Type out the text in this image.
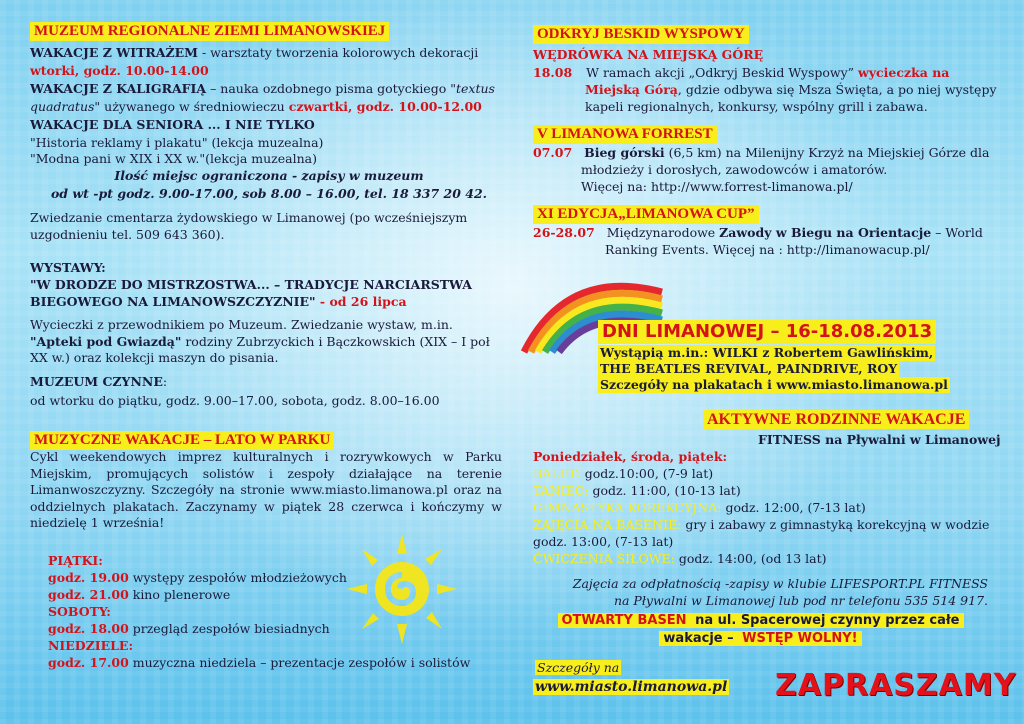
MUZEUM REGIONALNE ZIEMI LIMANOWSKIEJ
WAKACJE Z WITRAŻEM - warsztaty tworzenia kolorowych dekoracji
wtorki, godz. 10.00-14.00
WAKACJE Z KALIGRAFIĄ – nauka ozdobnego pisma gotyckiego "textus
quadratus" używanego w średniowieczu czwartki, godz. 10.00-12.00
WAKACJE DLA SENIORA ... I NIE TYLKO
"Historia reklamy i plakatu" (lekcja muzealna)
"Modna pani w XIX i XX w."(lekcja muzealna)
Ilość miejsc ograniczona - zapisy w muzeum
od wt -pt godz. 9.00-17.00, sob 8.00 – 16.00, tel. 18 337 20 42.
Zwiedzanie cmentarza żydowskiego w Limanowej (po wcześniejszym uzgodnieniu tel. 509 643 360).
WYSTAWY:
"W DRODZE DO MISTRZOSTWA... – TRADYCJE NARCIARSTWA
BIEGOWEGO NA LIMANOWSZCZYZNIE" - od 26 lipca
Wycieczki z przewodnikiem po Muzeum. Zwiedzanie wystaw, m.in. "Apteki pod Gwiazdą" rodziny Zubrzyckich i Bączkowskich (XIX – I poł XX w.) oraz kolekcji maszyn do pisania.
MUZEUM CZYNNE:
od wtorku do piątku, godz. 9.00–17.00, sobota, godz. 8.00–16.00
MUZYCZNE WAKACJE – LATO W PARKU
Cykl weekendowych imprez kulturalnych i rozrywkowych w Parku Miejskim, promujących solistów i zespoły działające na terenie Limanwoszczyzny. Szczegóły na stronie www.miasto.limanowa.pl oraz na oddzielnych plakatach. Zaczynamy w piątek 28 czerwca i kończymy w niedzielę 1 września!
PIĄTKI:
godz. 19.00 występy zespołów młodzieżowych
godz. 21.00 kino plenerowe
SOBOTY:
godz. 18.00 przegląd zespołów biesiadnych
NIEDZIELE:
godz. 17.00 muzyczna niedziela – prezentacje zespołów i solistów
ODKRYJ BESKID WYSPOWY
WĘDRÓWKA NA MIEJSKĄ GÓRĘ
18.08 W ramach akcji „Odkryj Beskid Wyspowy” wycieczka na
Miejską Górą, gdzie odbywa się Msza Święta, a po niej występy
kapeli regionalnych, konkursy, wspólny grill i zabawa.
V LIMANOWA FORREST
07.07 Bieg górski (6,5 km) na Milenijny Krzyż na Miejskiej Górze dla
młodzieży i dorosłych, zawodowców i amatorów.
Więcej na: http://www.forrest-limanowa.pl/
XI EDYCJA„LIMANOWA CUP”
26-28.07 Międzynarodowe Zawody w Biegu na Orientacje – World
Ranking Events. Więcej na : http://limanowacup.pl/
DNI LIMANOWEJ – 16-18.08.2013
Wystąpią m.in.: WILKI z Robertem Gawlińskim,
THE BEATLES REVIVAL, PAINDRIVE, ROY
Szczegóły na plakatach i www.miasto.limanowa.pl
AKTYWNE RODZINNE WAKACJE
FITNESS na Pływalni w Limanowej
Poniedziałek, środa, piątek:
BALET: godz.10:00, (7-9 lat)
TANIEC: godz. 11:00, (10-13 lat)
GIMNASTYKA KOREKCYJNA: godz. 12:00, (7-13 lat)
ZAJĘCIA NA BASENIE: gry i zabawy z gimnastyką korekcyjną w wodzie
godz. 13:00, (7-13 lat)
ĆWICZENIA SIŁOWE: godz. 14:00, (od 13 lat)
Zajęcia za odpłatnością -zapisy w klubie LIFESPORT.PL FITNESS
na Pływalni w Limanowej lub pod nr telefonu 535 514 917.
OTWARTY BASEN na ul. Spacerowej czynny przez całe
wakacje – WSTĘP WOLNY!
Szczegóły na
www.miasto.limanowa.pl ZAPRASZAMY
